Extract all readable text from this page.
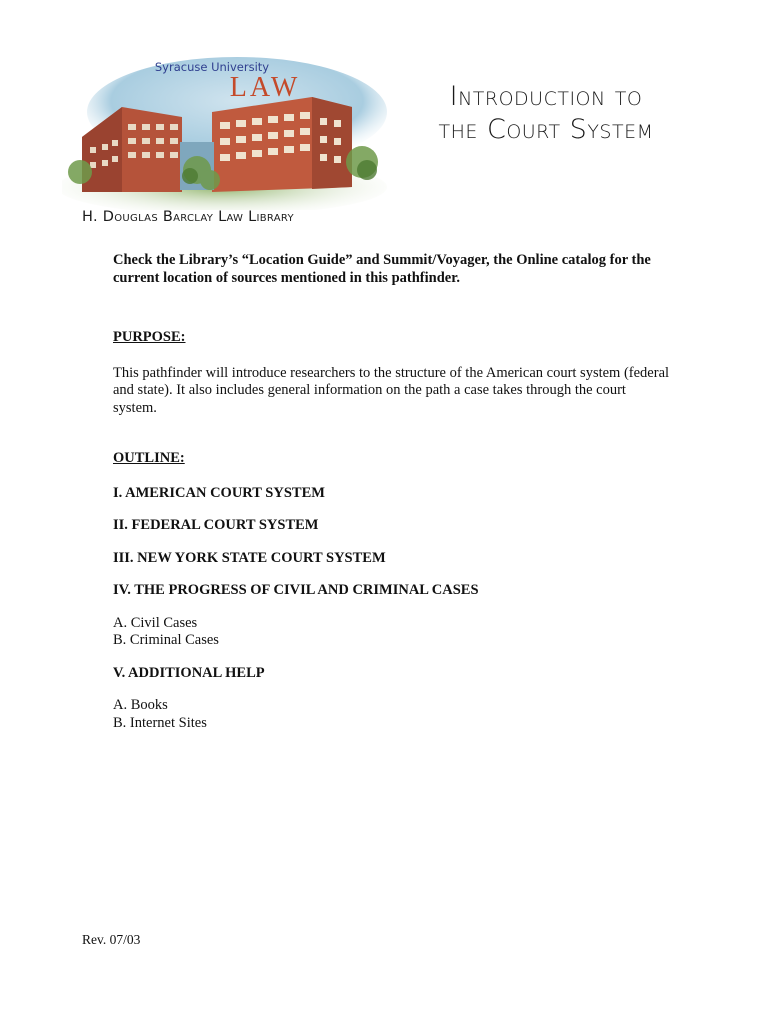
Syracuse University
LAW	Introduction to
the Court System
H. Douglas Barclay Law Library

Check the Library’s “Location Guide” and Summit/Voyager, the Online catalog for the current location of sources mentioned in this pathfinder.

PURPOSE:

This pathfinder will introduce researchers to the structure of the American court system (federal and state). It also includes general information on the path a case takes through the court system.

OUTLINE:

I. AMERICAN COURT SYSTEM

II. FEDERAL COURT SYSTEM

III. NEW YORK STATE COURT SYSTEM

IV. THE PROGRESS OF CIVIL AND CRIMINAL CASES

A. Civil Cases

B. Criminal Cases

V. ADDITIONAL HELP

A. Books

B. Internet Sites

Rev. 07/03
